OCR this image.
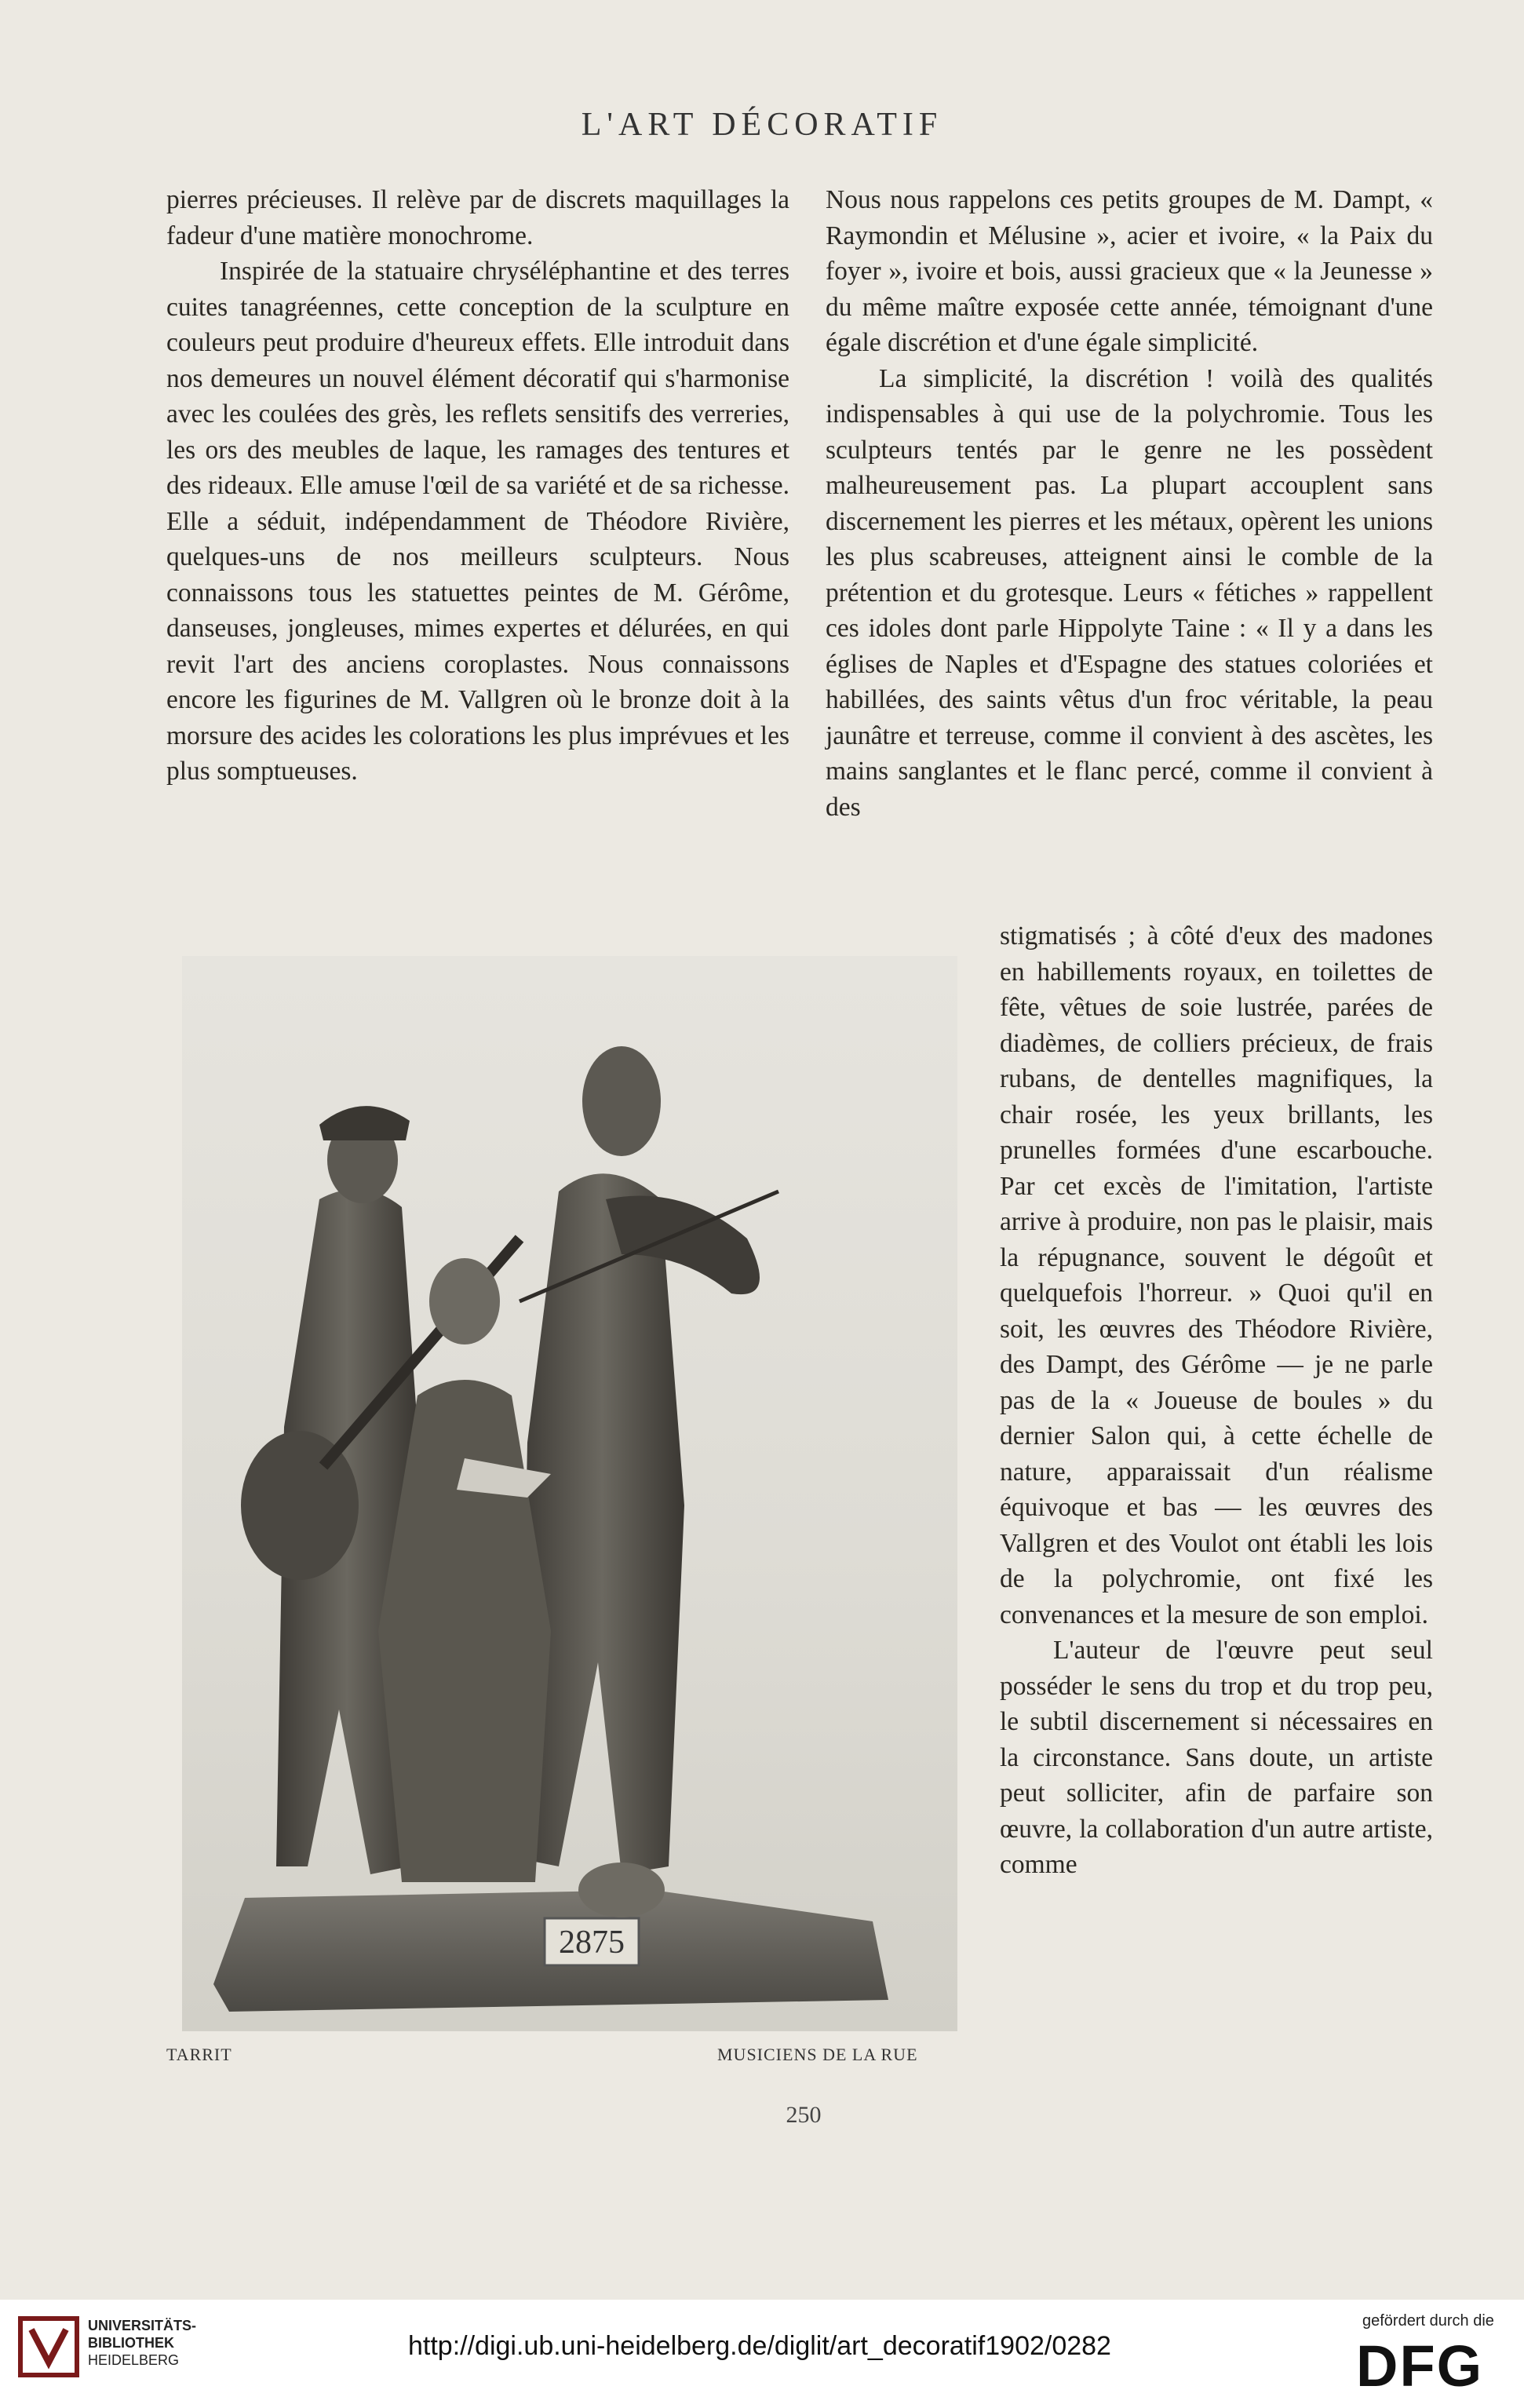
L'ART DÉCORATIF

pierres précieuses. Il relève par de discrets maquillages la fadeur d'une matière monochrome.

Inspirée de la statuaire chryséléphantine et des terres cuites tanagréennes, cette conception de la sculpture en couleurs peut produire d'heureux effets. Elle introduit dans nos demeures un nouvel élément décoratif qui s'harmonise avec les coulées des grès, les reflets sensitifs des verreries, les ors des meubles de laque, les ramages des tentures et des rideaux. Elle amuse l'œil de sa variété et de sa richesse. Elle a séduit, indépendamment de Théodore Rivière, quelques-uns de nos meilleurs sculpteurs. Nous connaissons tous les statuettes peintes de M. Gérôme, danseuses, jongleuses, mimes expertes et délurées, en qui revit l'art des anciens coroplastes. Nous connaissons encore les figurines de M. Vallgren où le bronze doit à la morsure des acides les colorations les plus imprévues et les plus somptueuses.

Nous nous rappelons ces petits groupes de M. Dampt, « Raymondin et Mélusine », acier et ivoire, « la Paix du foyer », ivoire et bois, aussi gracieux que « la Jeunesse » du même maître exposée cette année, témoignant d'une égale discrétion et d'une égale simplicité.

La simplicité, la discrétion ! voilà des qualités indispensables à qui use de la polychromie. Tous les sculpteurs tentés par le genre ne les possèdent malheureusement pas. La plupart accouplent sans discernement les pierres et les métaux, opèrent les unions les plus scabreuses, atteignent ainsi le comble de la prétention et du grotesque. Leurs « fétiches » rappellent ces idoles dont parle Hippolyte Taine : « Il y a dans les églises de Naples et d'Espagne des statues coloriées et habillées, des saints vêtus d'un froc véritable, la peau jaunâtre et terreuse, comme il convient à des ascètes, les mains sanglantes et le flanc percé, comme il convient à des

stigmatisés ; à côté d'eux des madones en habillements royaux, en toilettes de fête, vêtues de soie lustrée, parées de diadèmes, de colliers précieux, de frais rubans, de dentelles magnifiques, la chair rosée, les yeux brillants, les prunelles formées d'une escarbouche. Par cet excès de l'imitation, l'artiste arrive à produire, non pas le plaisir, mais la répugnance, souvent le dégoût et quelquefois l'horreur. » Quoi qu'il en soit, les œuvres des Théodore Rivière, des Dampt, des Gérôme — je ne parle pas de la « Joueuse de boules » du dernier Salon qui, à cette échelle de nature, apparaissait d'un réalisme équivoque et bas — les œuvres des Vallgren et des Voulot ont établi les lois de la polychromie, ont fixé les convenances et la mesure de son emploi.

L'auteur de l'œuvre peut seul posséder le sens du trop et du trop peu, le subtil discernement si nécessaires en la circonstance. Sans doute, un artiste peut solliciter, afin de parfaire son œuvre, la collaboration d'un autre artiste, comme

2875
TARRIT	MUSICIENS DE LA RUE
250
UNIVERSITÄTS-
BIBLIOTHEK
HEIDELBERG	http://digi.ub.uni-heidelberg.de/diglit/art_decoratif1902/0282
gefördert durch die
DFG
